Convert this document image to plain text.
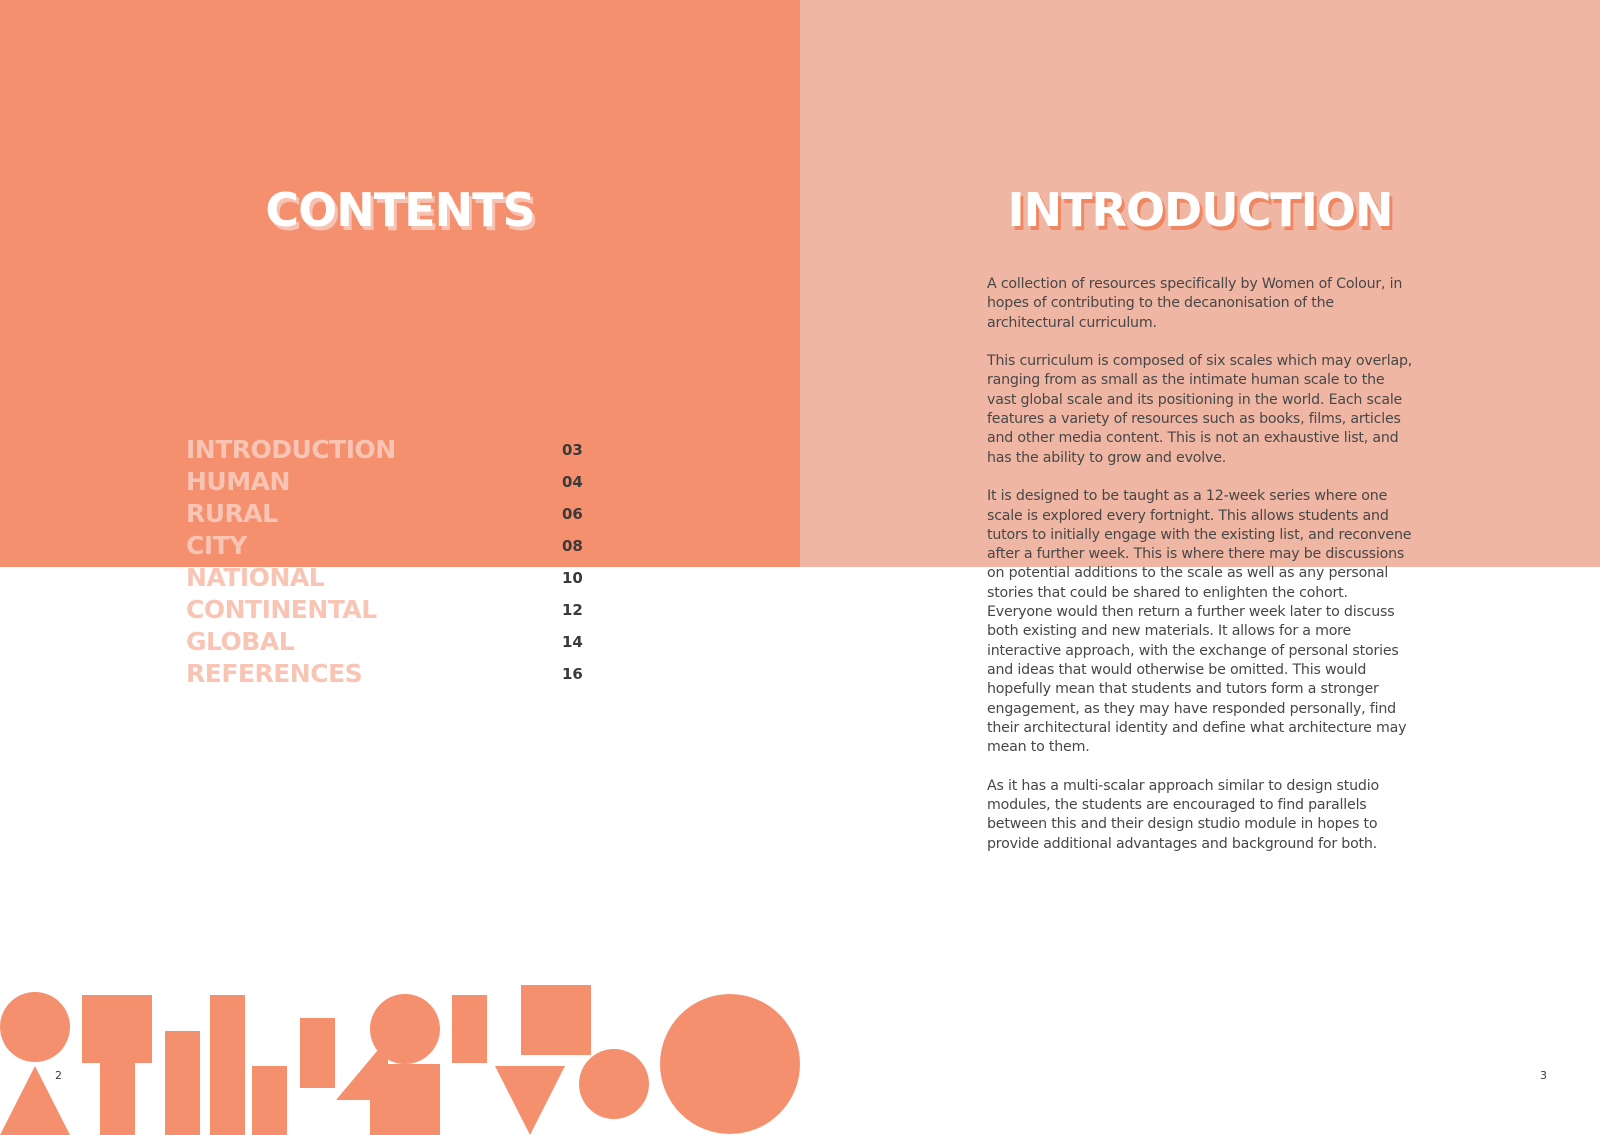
CONTENTS
INTRODUCTION	03
HUMAN	04
RURAL	06
CITY	08
NATIONAL	10
CONTINENTAL	12
GLOBAL	14
REFERENCES	16
2
INTRODUCTION

A collection of resources specifically by Women of Colour, in hopes of contributing to the decanonisation of the architectural curriculum.

This curriculum is composed of six scales which may overlap, ranging from as small as the intimate human scale to the vast global scale and its positioning in the world. Each scale features a variety of resources such as books, films, articles and other media content. This is not an exhaustive list, and has the ability to grow and evolve.

It is designed to be taught as a 12-week series where one scale is explored every fortnight. This allows students and tutors to initially engage with the existing list, and reconvene after a further week. This is where there may be discussions on potential additions to the scale as well as any personal stories that could be shared to enlighten the cohort. Everyone would then return a further week later to discuss both existing and new materials. It allows for a more interactive approach, with the exchange of personal stories and ideas that would otherwise be omitted. This would hopefully mean that students and tutors form a stronger engagement, as they may have responded personally, find their architectural identity and define what architecture may mean to them.

As it has a multi-scalar approach similar to design studio modules, the students are encouraged to find parallels between this and their design studio module in hopes to provide additional advantages and background for both.

3
